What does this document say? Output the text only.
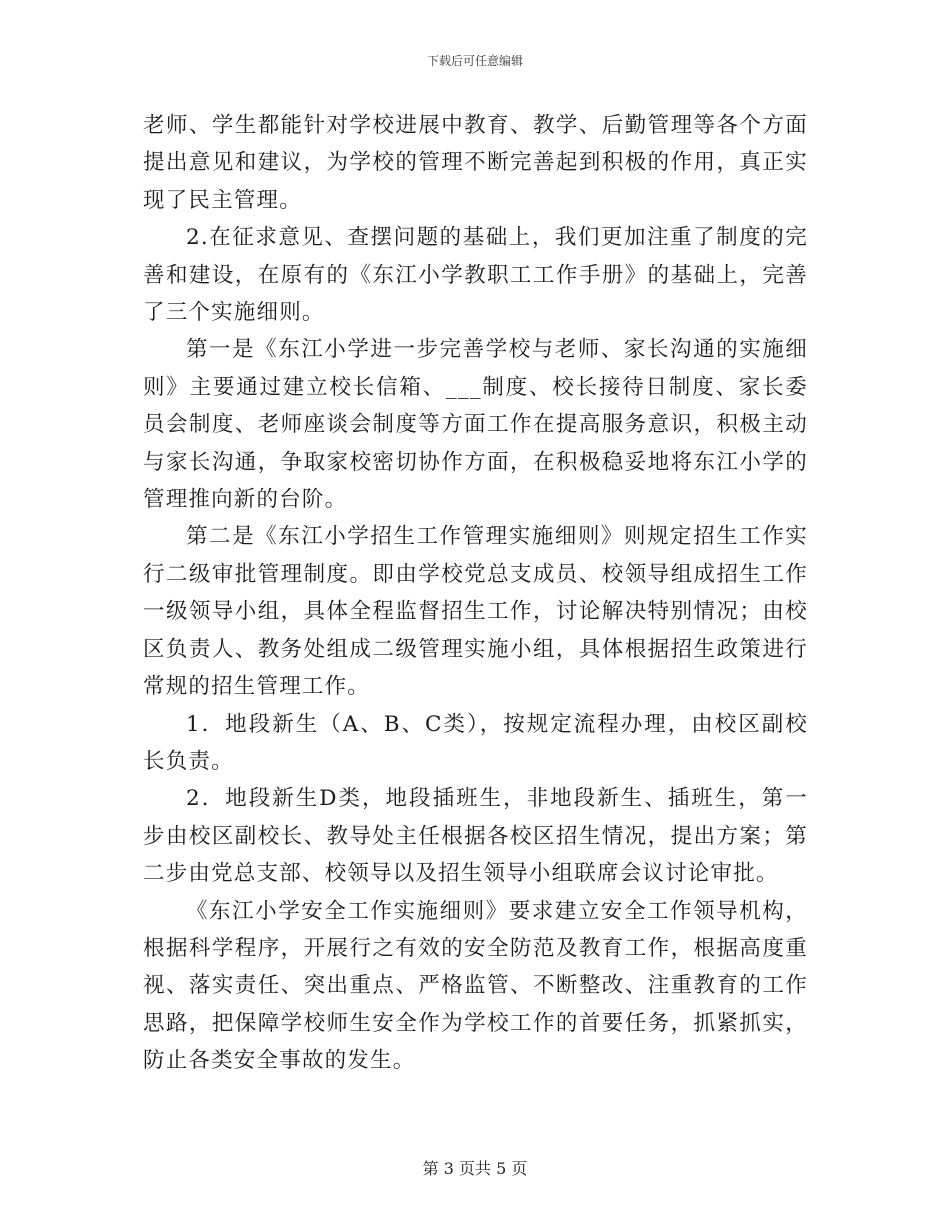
下载后可任意编辑

老师、学生都能针对学校进展中教育、教学、后勤管理等各个方面提出意见和建议，为学校的管理不断完善起到积极的作用，真正实现了民主管理。

2.在征求意见、查摆问题的基础上，我们更加注重了制度的完善和建设，在原有的《东江小学教职工工作手册》的基础上，完善了三个实施细则。

第一是《东江小学进一步完善学校与老师、家长沟通的实施细则》主要通过建立校长信箱、___制度、校长接待日制度、家长委员会制度、老师座谈会制度等方面工作在提高服务意识，积极主动与家长沟通，争取家校密切协作方面，在积极稳妥地将东江小学的管理推向新的台阶。

第二是《东江小学招生工作管理实施细则》则规定招生工作实行二级审批管理制度。即由学校党总支成员、校领导组成招生工作一级领导小组，具体全程监督招生工作，讨论解决特别情况；由校区负责人、教务处组成二级管理实施小组，具体根据招生政策进行常规的招生管理工作。

1．地段新生（A、B、C类），按规定流程办理，由校区副校长负责。

2．地段新生D类，地段插班生，非地段新生、插班生，第一步由校区副校长、教导处主任根据各校区招生情况，提出方案；第二步由党总支部、校领导以及招生领导小组联席会议讨论审批。

《东江小学安全工作实施细则》要求建立安全工作领导机构，根据科学程序，开展行之有效的安全防范及教育工作，根据高度重视、落实责任、突出重点、严格监管、不断整改、注重教育的工作思路，把保障学校师生安全作为学校工作的首要任务，抓紧抓实，防止各类安全事故的发生。

第 3 页共 5 页
